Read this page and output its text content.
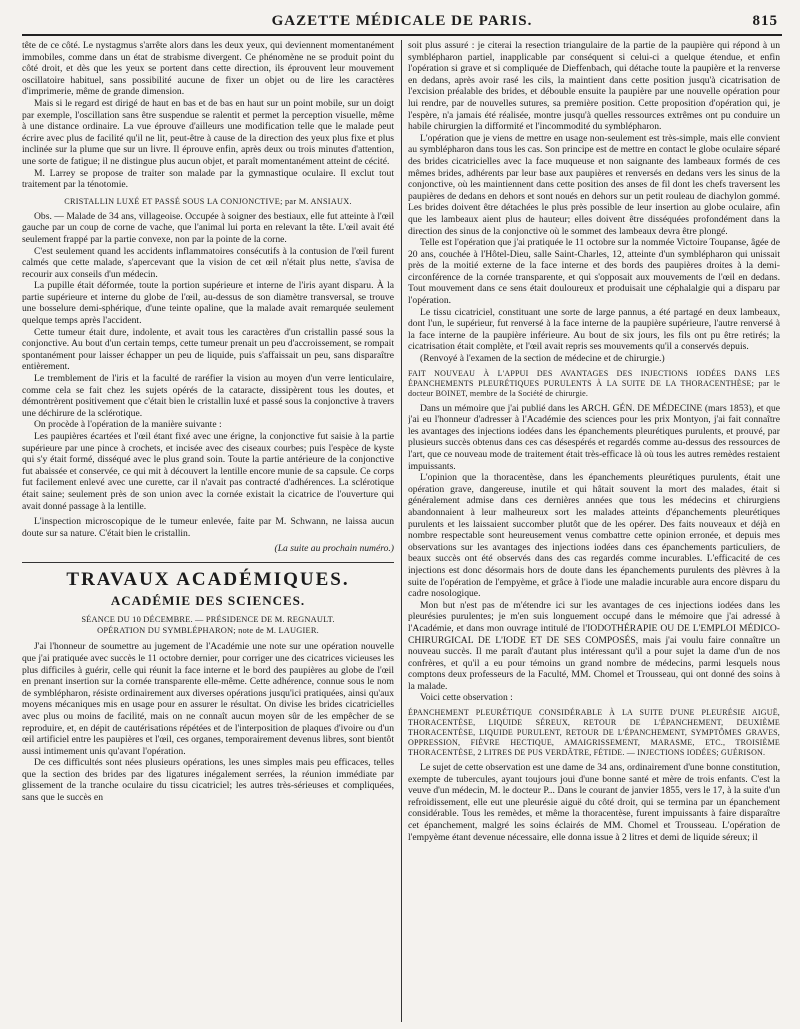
GAZETTE MÉDICALE DE PARIS.	815

tête de ce côté. Le nystagmus s'arrête alors dans les deux yeux, qui deviennent momentanément immobiles, comme dans un état de strabisme divergent. Ce phénomène ne se produit point du côté droit, et dès que les yeux se portent dans cette direction, ils éprouvent leur mouvement oscillatoire habituel, sans possibilité aucune de fixer un objet ou de lire les caractères d'imprimerie, même de grande dimension.

Mais si le regard est dirigé de haut en bas et de bas en haut sur un point mobile, sur un doigt par exemple, l'oscillation sans être suspendue se ralentit et permet la perception visuelle, même à une distance ordinaire. La vue éprouve d'ailleurs une modification telle que le malade peut écrire avec plus de facilité qu'il ne lit, peut-être à cause de la direction des yeux plus fixe et plus inclinée sur la plume que sur un livre. Il éprouve enfin, après deux ou trois minutes d'attention, une sorte de fatigue; il ne distingue plus aucun objet, et paraît momentanément atteint de cécité.

M. Larrey se propose de traiter son malade par la gymnastique oculaire. Il exclut tout traitement par la ténotomie.

CRISTALLIN LUXÉ ET PASSÉ SOUS LA CONJONCTIVE; par M. ANSIAUX.

Obs. — Malade de 34 ans, villageoise. Occupée à soigner des bestiaux, elle fut atteinte à l'œil gauche par un coup de corne de vache, que l'animal lui porta en relevant la tête. L'œil avait été seulement frappé par la partie convexe, non par la pointe de la corne.

C'est seulement quand les accidents inflammatoires consécutifs à la contusion de l'œil furent calmés que cette malade, s'apercevant que la vision de cet œil n'était plus nette, s'avisa de recourir aux conseils d'un médecin.

La pupille était déformée, toute la portion supérieure et interne de l'iris ayant disparu. À la partie supérieure et interne du globe de l'œil, au-dessus de son diamètre transversal, se trouve une bosselure demi-sphérique, d'une teinte opaline, que la malade avait remarquée seulement quelque temps après l'accident.

Cette tumeur était dure, indolente, et avait tous les caractères d'un cristallin passé sous la conjonctive. Au bout d'un certain temps, cette tumeur prenait un peu d'accroissement, se rompait spontanément pour laisser échapper un peu de liquide, puis s'affaissait un peu, sans disparaître entièrement.

Le tremblement de l'iris et la faculté de raréfier la vision au moyen d'un verre lenticulaire, comme cela se fait chez les sujets opérés de la cataracte, dissipèrent tous les doutes, et démontrèrent positivement que c'était bien le cristallin luxé et passé sous la conjonctive à travers une déchirure de la sclérotique.

On procède à l'opération de la manière suivante :

Les paupières écartées et l'œil étant fixé avec une érigne, la conjonctive fut saisie à la partie supérieure par une pince à crochets, et incisée avec des ciseaux courbes; puis l'espèce de kyste qui s'y était formé, disséqué avec le plus grand soin. Toute la partie antérieure de la conjonctive fut abaissée et conservée, ce qui mit à découvert la lentille encore munie de sa capsule. Ce corps fut facilement enlevé avec une curette, car il n'avait pas contracté d'adhérences. La sclérotique était saine; seulement près de son union avec la cornée existait la cicatrice de l'ouverture qui avait donné passage à la lentille.

L'inspection microscopique de le tumeur enlevée, faite par M. Schwann, ne laissa aucun doute sur sa nature. C'était bien le cristallin.

(La suite au prochain numéro.)
TRAVAUX ACADÉMIQUES.
ACADÉMIE DES SCIENCES.
SÉANCE DU 10 DÉCEMBRE. — PRÉSIDENCE DE M. REGNAULT.
OPÉRATION DU SYMBLÉPHARON; note de M. LAUGIER.

J'ai l'honneur de soumettre au jugement de l'Académie une note sur une opération nouvelle que j'ai pratiquée avec succès le 11 octobre dernier, pour corriger une des cicatrices vicieuses les plus difficiles à guérir, celle qui réunit la face interne et le bord des paupières au globe de l'œil en prenant insertion sur la cornée transparente elle-même. Cette adhérence, connue sous le nom de symblépharon, résiste ordinairement aux diverses opérations jusqu'ici pratiquées, ainsi qu'aux moyens mécaniques mis en usage pour en assurer le résultat. On divise les brides cicatricielles avec plus ou moins de facilité, mais on ne connaît aucun moyen sûr de les empêcher de se reproduire, et, en dépit de cautérisations répétées et de l'interposition de plaques d'ivoire ou d'un œil artificiel entre les paupières et l'œil, ces organes, temporairement devenus libres, sont bientôt aussi intimement unis qu'avant l'opération.

De ces difficultés sont nées plusieurs opérations, les unes simples mais peu efficaces, telles que la section des brides par des ligatures inégalement serrées, la réunion immédiate par glissement de la tranche oculaire du tissu cicatriciel; les autres très-sérieuses et compliquées, sans que le succès en

soit plus assuré : je citerai la resection triangulaire de la partie de la paupière qui répond à un symblépharon partiel, inapplicable par conséquent si celui-ci a quelque étendue, et enfin l'opération si grave et si compliquée de Dieffenbach, qui détache toute la paupière et la renverse en dedans, après avoir rasé les cils, la maintient dans cette position jusqu'à cicatrisation de l'excision préalable des brides, et débouble ensuite la paupière par une nouvelle opération pour lui rendre, par de nouvelles sutures, sa première position. Cette proposition d'opération qui, je l'espère, n'a jamais été réalisée, montre jusqu'à quelles ressources extrêmes ont pu conduire un habile chirurgien la difformité et l'incommodité du symblépharon.

L'opération que je viens de mettre en usage non-seulement est très-simple, mais elle convient au symblépharon dans tous les cas. Son principe est de mettre en contact le globe oculaire séparé des brides cicatricielles avec la face muqueuse et non saignante des lambeaux formés de ces mêmes brides, adhérents par leur base aux paupières et renversés en dedans vers les sinus de la conjonctive, où les maintiennent dans cette position des anses de fil dont les chefs traversent les paupières de dedans en dehors et sont noués en dehors sur un petit rouleau de diachylon gommé. Les brides doivent être détachées le plus près possible de leur insertion au globe oculaire, afin que les lambeaux aient plus de hauteur; elles doivent être disséquées profondément dans la direction des sinus de la conjonctive où le sommet des lambeaux devra être plongé.

Telle est l'opération que j'ai pratiquée le 11 octobre sur la nommée Victoire Toupanse, âgée de 20 ans, couchée à l'Hôtel-Dieu, salle Saint-Charles, 12, atteinte d'un symblépharon qui unissait près de la moitié externe de la face interne et des bords des paupières droites à la demi-circonférence de la cornée transparente, et qui s'opposait aux mouvements de l'œil en dedans. Tout mouvement dans ce sens était douloureux et produisait une céphalalgie qui a disparu par l'opération.

Le tissu cicatriciel, constituant une sorte de large pannus, a été partagé en deux lambeaux, dont l'un, le supérieur, fut renversé à la face interne de la paupière supérieure, l'autre renversé à la face interne de la paupière inférieure. Au bout de six jours, les fils ont pu être retirés; la cicatrisation était complète, et l'œil avait repris ses mouvements qu'il a conservés depuis.

(Renvoyé à l'examen de la section de médecine et de chirurgie.)

FAIT NOUVEAU À L'APPUI DES AVANTAGES DES INJECTIONS IODÉES DANS LES ÉPANCHEMENTS PLEURÉTIQUES PURULENTS À LA SUITE DE LA THORACENTHÈSE; par le docteur BOINET, membre de la Société de chirurgie.

Dans un mémoire que j'ai publié dans les ARCH. GÉN. DE MÉDECINE (mars 1853), et que j'ai eu l'honneur d'adresser à l'Académie des sciences pour les prix Montyon, j'ai fait connaître les avantages des injections iodées dans les épanchements pleurétiques purulents, et prouvé, par plusieurs succès obtenus dans ces cas désespérés et regardés comme au-dessus des ressources de l'art, que ce nouveau mode de traitement était très-efficace là où tous les autres remèdes restaient impuissants.

L'opinion que la thoracentèse, dans les épanchements pleurétiques purulents, était une opération grave, dangereuse, inutile et qui hâtait souvent la mort des malades, était si généralement admise dans ces dernières années que tous les médecins et chirurgiens abandonnaient à leur malheureux sort les malades atteints d'épanchements pleurétiques purulents et les laissaient succomber plutôt que de les opérer. Des faits nouveaux et déjà en nombre respectable sont heureusement venus combattre cette opinion erronée, et depuis mes observations sur les avantages des injections iodées dans ces épanchements particuliers, de beaux succès ont été observés dans des cas regardés comme incurables. L'efficacité de ces injections est donc désormais hors de doute dans les épanchements purulents des plèvres à la suite de l'opération de l'empyème, et grâce à l'iode une maladie incurable aura encore disparu du cadre nosologique.

Mon but n'est pas de m'étendre ici sur les avantages de ces injections iodées dans les pleurésies purulentes; je m'en suis longuement occupé dans le mémoire que j'ai adressé à l'Académie, et dans mon ouvrage intitulé de l'IODOTHÉRAPIE OU DE L'EMPLOI MÉDICO-CHIRURGICAL DE L'IODE ET DE SES COMPOSÉS, mais j'ai voulu faire connaître un nouveau succès. Il me paraît d'autant plus intéressant qu'il a pour sujet la dame d'un de nos confrères, et qu'il a eu pour témoins un grand nombre de médecins, parmi lesquels nous comptons deux professeurs de la Faculté, MM. Chomel et Trousseau, qui ont donné des soins à la malade.

Voici cette observation :

ÉPANCHEMENT PLEURÉTIQUE CONSIDÉRABLE À LA SUITE D'UNE PLEURÉSIE AIGUË, THORACENTÈSE, LIQUIDE SÉREUX, RETOUR DE L'ÉPANCHEMENT, DEUXIÈME THORACENTÈSE, LIQUIDE PURULENT, RETOUR DE L'ÉPANCHEMENT, SYMPTÔMES GRAVES, OPPRESSION, FIÈVRE HECTIQUE, AMAIGRISSEMENT, MARASME, ETC., TROISIÈME THORACENTÈSE, 2 LITRES DE PUS VERDÂTRE, FÉTIDE. — INJECTIONS IODÉES; GUÉRISON.

Le sujet de cette observation est une dame de 34 ans, ordinairement d'une bonne constitution, exempte de tubercules, ayant toujours joui d'une bonne santé et mère de trois enfants. C'est la veuve d'un médecin, M. le docteur P... Dans le courant de janvier 1855, vers le 17, à la suite d'un refroidissement, elle eut une pleurésie aiguë du côté droit, qui se termina par un épanchement considérable. Tous les remèdes, et même la thoracentèse, furent impuissants à faire disparaître cet épanchement, malgré les soins éclairés de MM. Chomel et Trousseau. L'opération de l'empyème étant devenue nécessaire, elle donna issue à 2 litres et demi de liquide séreux; il
